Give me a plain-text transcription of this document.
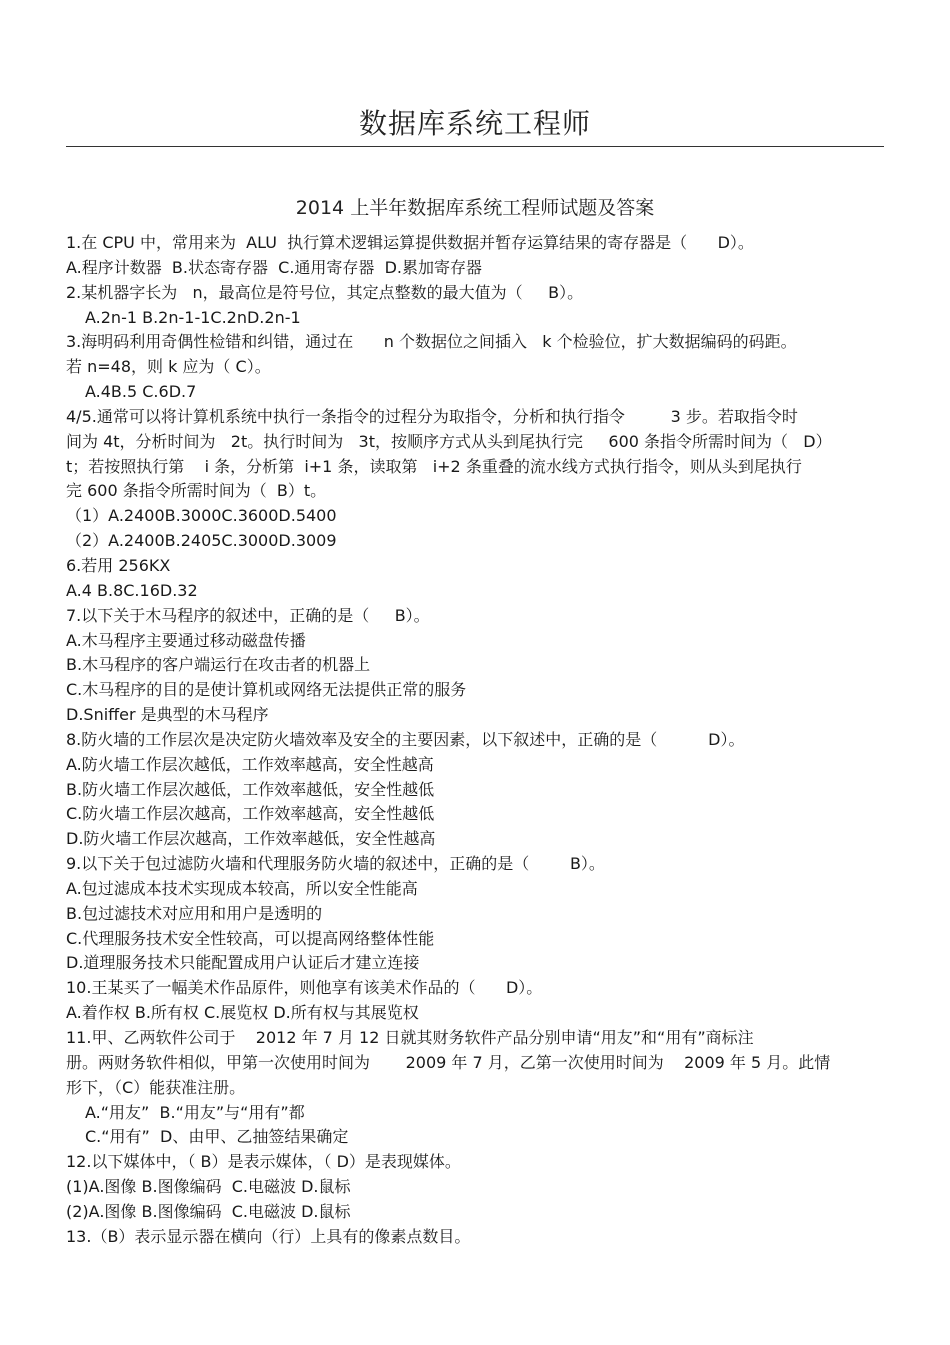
数据库系统工程师
2014 上半年数据库系统工程师试题及答案
1.在 CPU 中，常用来为  ALU  执行算术逻辑运算提供数据并暂存运算结果的寄存器是（      D）。
A.程序计数器  B.状态寄存器  C.通用寄存器  D.累加寄存器
2.某机器字长为   n，最高位是符号位，其定点整数的最大值为（     B）。
A.2n-1 B.2n-1-1C.2nD.2n-1
3.海明码利用奇偶性检错和纠错，通过在      n 个数据位之间插入   k 个检验位，扩大数据编码的码距。
若 n=48，则 k 应为（ C）。
A.4B.5 C.6D.7
4/5.通常可以将计算机系统中执行一条指令的过程分为取指令，分析和执行指令         3 步。若取指令时
间为 4t，分析时间为   2t。执行时间为   3t，按顺序方式从头到尾执行完     600 条指令所需时间为（   D）
t；若按照执行第    i 条，分析第  i+1 条，读取第   i+2 条重叠的流水线方式执行指令，则从头到尾执行
完 600 条指令所需时间为（  B）t。
（1）A.2400B.3000C.3600D.5400
（2）A.2400B.2405C.3000D.3009
6.若用 256KX
A.4 B.8C.16D.32
7.以下关于木马程序的叙述中，正确的是（     B）。
A.木马程序主要通过移动磁盘传播
B.木马程序的客户端运行在攻击者的机器上
C.木马程序的目的是使计算机或网络无法提供正常的服务
D.Sniffer 是典型的木马程序
8.防火墙的工作层次是决定防火墙效率及安全的主要因素，以下叙述中，正确的是（          D）。
A.防火墙工作层次越低，工作效率越高，安全性越高
B.防火墙工作层次越低，工作效率越低，安全性越低
C.防火墙工作层次越高，工作效率越高，安全性越低
D.防火墙工作层次越高，工作效率越低，安全性越高
9.以下关于包过滤防火墙和代理服务防火墙的叙述中，正确的是（        B）。
A.包过滤成本技术实现成本较高，所以安全性能高
B.包过滤技术对应用和用户是透明的
C.代理服务技术安全性较高，可以提高网络整体性能
D.道理服务技术只能配置成用户认证后才建立连接
10.王某买了一幅美术作品原件，则他享有该美术作品的（      D）。
A.着作权 B.所有权 C.展览权 D.所有权与其展览权
11.甲、乙两软件公司于    2012 年 7 月 12 日就其财务软件产品分别申请“用友”和“用有”商标注
册。两财务软件相似，甲第一次使用时间为       2009 年 7 月，乙第一次使用时间为    2009 年 5 月。此情
形下，（C）能获准注册。
A.“用友”  B.“用友”与“用有”都
C.“用有”  D、由甲、乙抽签结果确定
12.以下媒体中，（ B）是表示媒体，（ D）是表现媒体。
(1)A.图像 B.图像编码  C.电磁波 D.鼠标
(2)A.图像 B.图像编码  C.电磁波 D.鼠标
13.（B）表示显示器在横向（行）上具有的像素点数目。
